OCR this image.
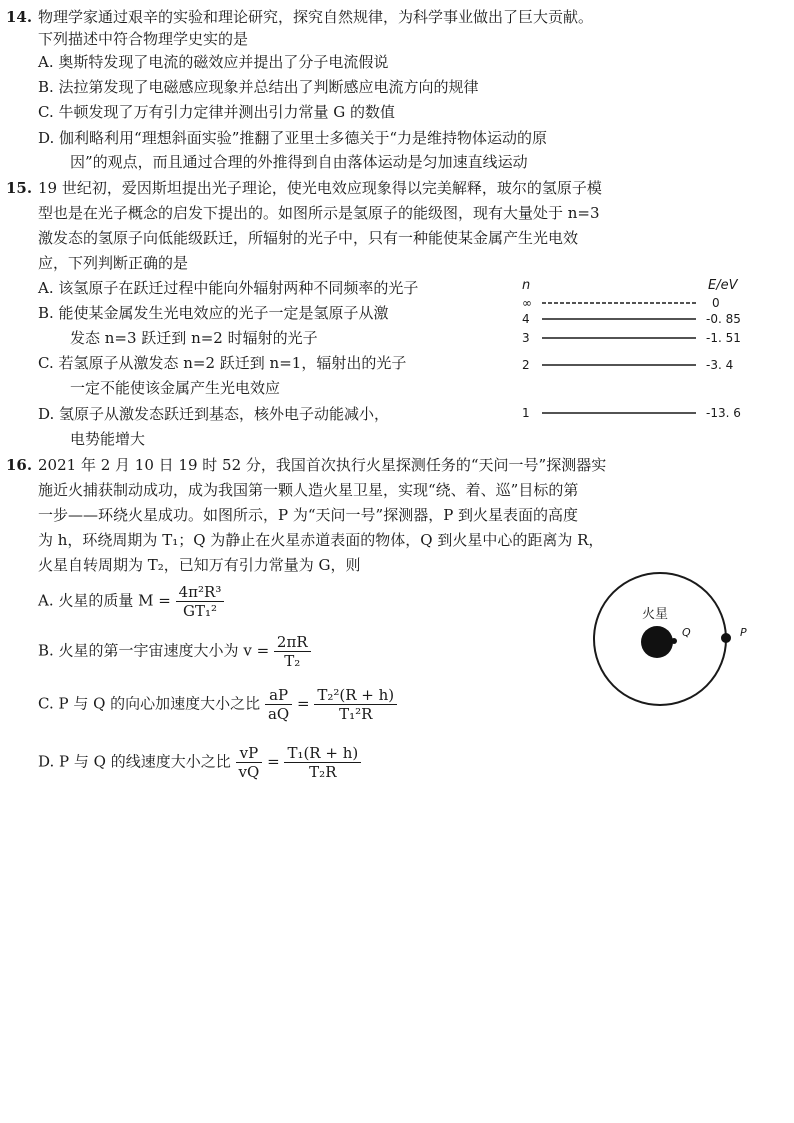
14. 物理学家通过艰辛的实验和理论研究，探究自然规律，为科学事业做出了巨大贡献。
下列描述中符合物理学史实的是
A. 奥斯特发现了电流的磁效应并提出了分子电流假说
B. 法拉第发现了电磁感应现象并总结出了判断感应电流方向的规律
C. 牛顿发现了万有引力定律并测出引力常量 G 的数值
D. 伽利略利用“理想斜面实验”推翻了亚里士多德关于“力是维持物体运动的原
因”的观点，而且通过合理的外推得到自由落体运动是匀加速直线运动
15. 19 世纪初，爱因斯坦提出光子理论，使光电效应现象得以完美解释，玻尔的氢原子模
型也是在光子概念的启发下提出的。如图所示是氢原子的能级图，现有大量处于 n=3
激发态的氢原子向低能级跃迁，所辐射的光子中，只有一种能使某金属产生光电效
应，下列判断正确的是
A. 该氢原子在跃迁过程中能向外辐射两种不同频率的光子
B. 能使某金属发生光电效应的光子一定是氢原子从激
发态 n=3 跃迁到 n=2 时辐射的光子
C. 若氢原子从激发态 n=2 跃迁到 n=1，辐射出的光子
一定不能使该金属产生光电效应
D. 氢原子从激发态跃迁到基态，核外电子动能减小，
电势能增大
n	E/eV
∞	0
4	-0. 85
3	-1. 51
2	-3. 4
1	-13. 6
16. 2021 年 2 月 10 日 19 时 52 分，我国首次执行火星探测任务的“天问一号”探测器实
施近火捕获制动成功，成为我国第一颗人造火星卫星，实现“绕、着、巡”目标的第
一步——环绕火星成功。如图所示，P 为“天问一号”探测器，P 到火星表面的高度
为 h，环绕周期为 T₁；Q 为静止在火星赤道表面的物体，Q 到火星中心的距离为 R，
火星自转周期为 T₂，已知万有引力常量为 G，则
A. 火星的质量 $M = \frac{\text{4π²R³}}{\text{GT₁²}}$
B. 火星的第一宇宙速度大小为 $v = \frac{2\pi R}{\text{T₂}}$
C. P 与 Q 的向心加速度大小之比 $\frac{aP}{aQ} = \frac{\text{T₂²(R + h)}}{\text{T₁²R}}$
D. P 与 Q 的线速度大小之比 $\frac{vP}{vQ} = \frac{\text{T₁(R + h)}}{\text{T₂R}}$
火星
Q	P
